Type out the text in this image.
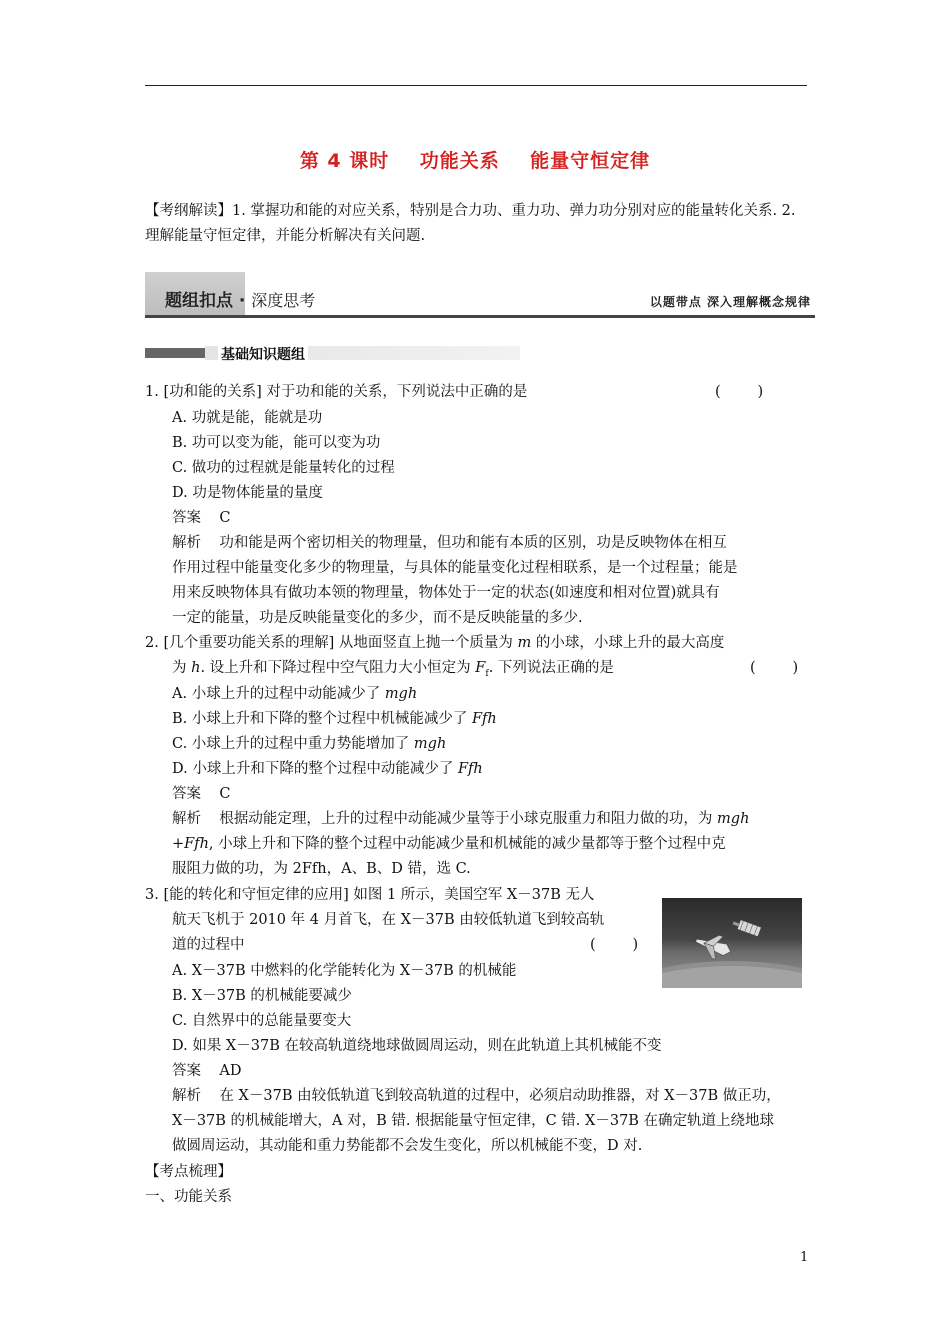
第 4 课时    功能关系    能量守恒定律
【考纲解读】1. 掌握功和能的对应关系，特别是合力功、重力功、弹力功分别对应的能量转化关系. 2. 理解能量守恒定律，并能分析解决有关问题.
题组扣点 · 深度思考	以题带点 深入理解概念规律
基础知识题组
1. [功和能的关系] 对于功和能的关系，下列说法中正确的是	(        )
A. 功就是能，能就是功
B. 功可以变为能，能可以变为功
C. 做功的过程就是能量转化的过程
D. 功是物体能量的量度
答案    C
解析    功和能是两个密切相关的物理量，但功和能有本质的区别，功是反映物体在相互
作用过程中能量变化多少的物理量，与具体的能量变化过程相联系，是一个过程量；能是
用来反映物体具有做功本领的物理量，物体处于一定的状态(如速度和相对位置)就具有
一定的能量，功是反映能量变化的多少，而不是反映能量的多少.
2. [几个重要功能关系的理解] 从地面竖直上抛一个质量为 m 的小球，小球上升的最大高度
为 h. 设上升和下降过程中空气阻力大小恒定为 $F_f$. 下列说法正确的是	(        )
A. 小球上升的过程中动能减少了 mgh
B. 小球上升和下降的整个过程中机械能减少了 Ffh
C. 小球上升的过程中重力势能增加了 mgh
D. 小球上升和下降的整个过程中动能减少了 Ffh
答案    C
解析    根据动能定理，上升的过程中动能减少量等于小球克服重力和阻力做的功，为 mgh
+Ffh, 小球上升和下降的整个过程中动能减少量和机械能的减少量都等于整个过程中克
服阻力做的功，为 2Ffh，A、B、D 错，选 C.
3. [能的转化和守恒定律的应用] 如图 1 所示，美国空军 X－37B 无人
航天飞机于 2010 年 4 月首飞，在 X－37B 由较低轨道飞到较高轨
道的过程中	(        )
A. X－37B 中燃料的化学能转化为 X－37B 的机械能
B. X－37B 的机械能要减少
C. 自然界中的总能量要变大
D. 如果 X－37B 在较高轨道绕地球做圆周运动，则在此轨道上其机械能不变
答案    AD
解析    在 X－37B 由较低轨道飞到较高轨道的过程中，必须启动助推器，对 X－37B 做正功，
X－37B 的机械能增大，A 对，B 错. 根据能量守恒定律，C 错. X－37B 在确定轨道上绕地球
做圆周运动，其动能和重力势能都不会发生变化，所以机械能不变，D 对.
【考点梳理】
一、功能关系
1
